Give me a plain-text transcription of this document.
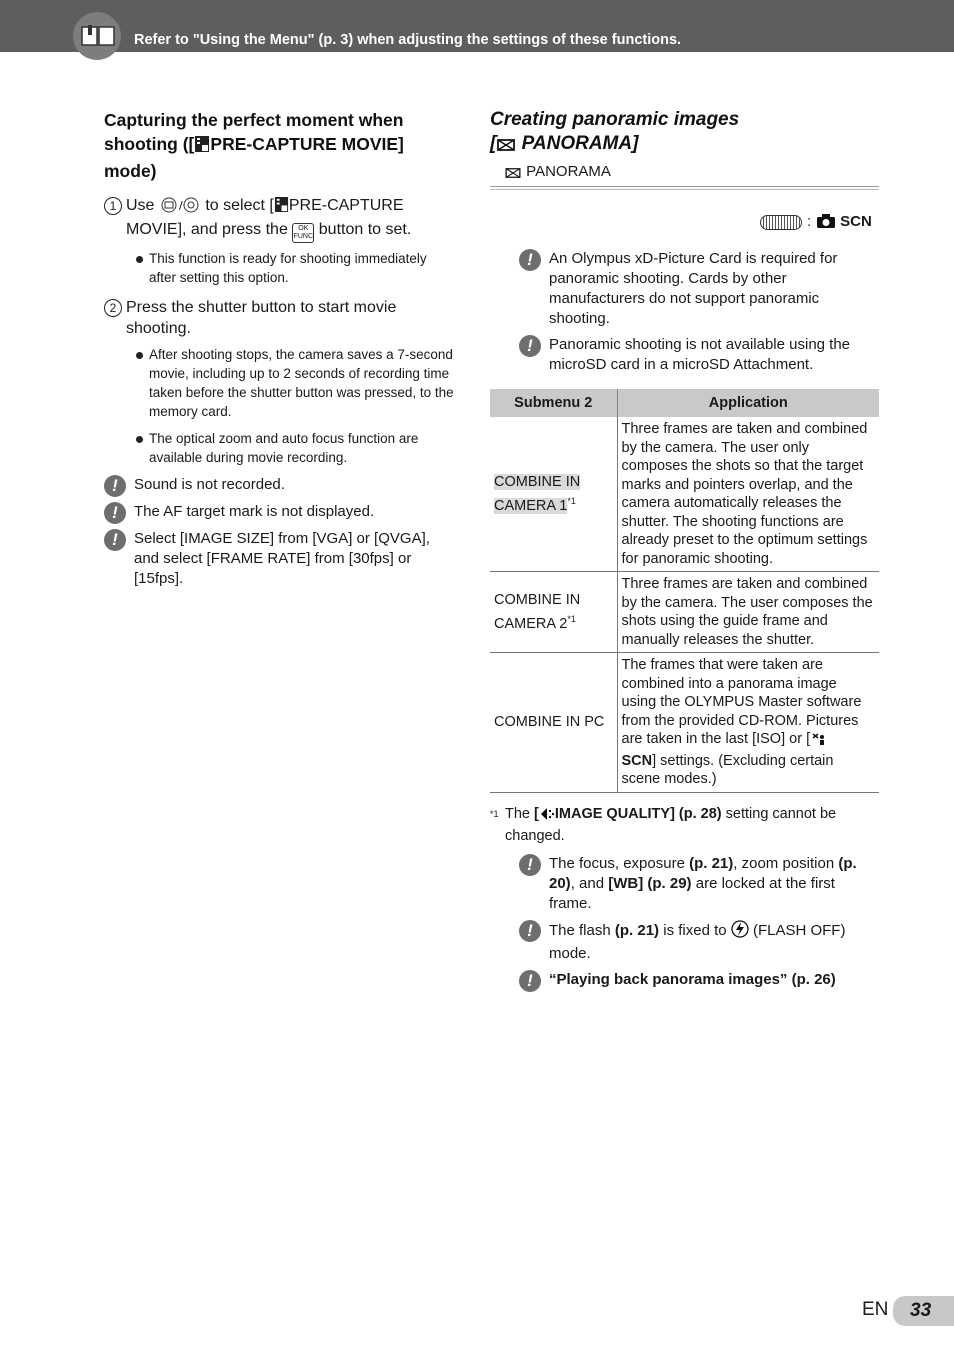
Refer to "Using the Menu" (p. 3) when adjusting the settings of these functions.
Capturing the perfect moment when
shooting ([ PRE-CAPTURE MOVIE]
mode)
1 Use / to select [ PRE-CAPTURE MOVIE], and press the OK
FUNC button to set.
This function is ready for shooting immediately after setting this option.
2 Press the shutter button to start movie shooting.
After shooting stops, the camera saves a 7-second movie, including up to 2 seconds of recording time taken before the shutter button was pressed, to the memory card.
The optical zoom and auto focus function are available during movie recording.
!	Sound is not recorded.
!	The AF target mark is not displayed.
!	Select [IMAGE SIZE] from [VGA] or [QVGA], and select [FRAME RATE] from [30fps] or [15fps].
Creating panoramic images
[ PANORAMA]
PANORAMA
:	SCN
!	An Olympus xD-Picture Card is required for panoramic shooting. Cards by other manufacturers do not support panoramic shooting.
!	Panoramic shooting is not available using the microSD card in a microSD Attachment.
Submenu 2	Application
COMBINE IN CAMERA 1$^{*1}$	Three frames are taken and combined by the camera. The user only composes the shots so that the target marks and pointers overlap, and the camera automatically releases the shutter. The shooting functions are already preset to the optimum settings for panoramic shooting.
COMBINE IN CAMERA 2$^{*1}$	Three frames are taken and combined by the camera. The user composes the shots using the guide frame and manually releases the shutter.
COMBINE IN PC	The frames that were taken are combined into a panorama image using the OLYMPUS Master software from the provided CD-ROM. Pictures are taken in the last [ISO] or [
SCN] settings. (Excluding certain scene modes.)
*1 The [ IMAGE QUALITY] (p. 28) setting cannot be changed.
!	The focus, exposure (p. 21), zoom position (p. 20), and [WB] (p. 29) are locked at the first frame.
!	The flash (p. 21) is fixed to (FLASH OFF) mode.
!	“Playing back panorama images” (p. 26)
EN	33
